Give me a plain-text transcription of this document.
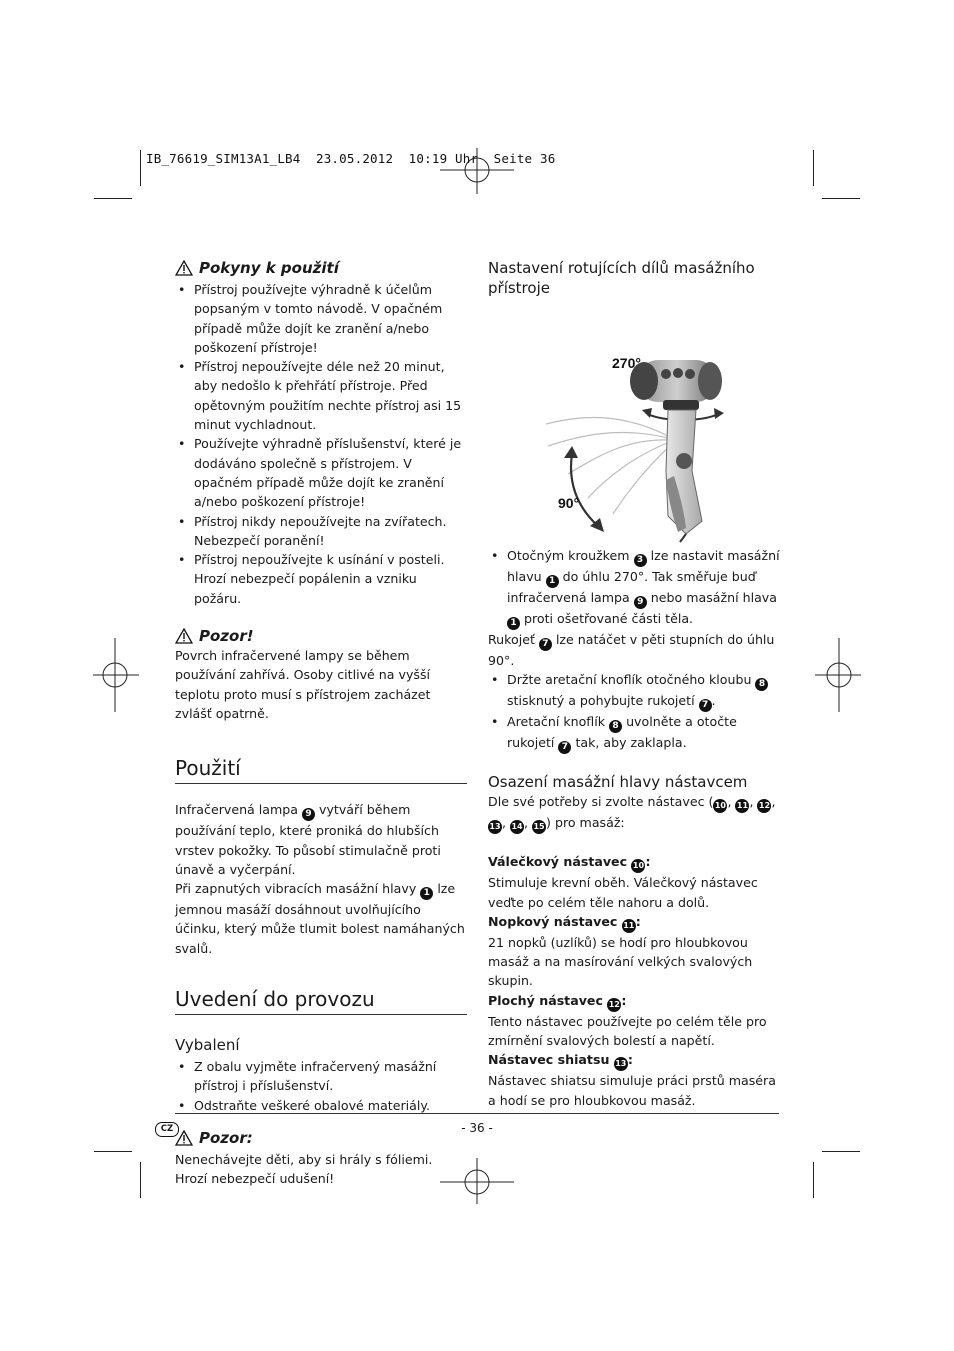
IB_76619_SIM13A1_LB4  23.05.2012  10:19 Uhr  Seite 36
Pokyny k použití
• Přístroj používejte výhradně k účelům popsaným v tomto návodě. V opačném případě může dojít ke zranění a/nebo poškození přístroje!
• Přístroj nepoužívejte déle než 20 minut, aby nedošlo k přehřátí přístroje. Před opětovným použitím nechte přístroj asi 15 minut vychladnout.
• Používejte výhradně příslušenství, které je dodáváno společně s přístrojem. V opačném případě může dojít ke zranění a/nebo poškození přístroje!
• Přístroj nikdy nepoužívejte na zvířatech. Nebezpečí poranění!
• Přístroj nepoužívejte k usínání v posteli. Hrozí nebezpečí popálenin a vzniku požáru.
Pozor!

Povrch infračervené lampy se během používání zahřívá. Osoby citlivé na vyšší teplotu proto musí s přístrojem zacházet zvlášť opatrně.

Použití

Infračervená lampa 9 vytváří během používání teplo, které proniká do hlubších vrstev pokožky. To působí stimulačně proti únavě a vyčerpání.

Při zapnutých vibracích masážní hlavy 1 lze jemnou masáží dosáhnout uvolňujícího účinku, který může tlumit bolest namáhaných svalů.

Uvedení do provozu
Vybalení
• Z obalu vyjměte infračervený masážní přístroj i příslušenství.
• Odstraňte veškeré obalové materiály.
Pozor:

Nenechávejte děti, aby si hrály s fóliemi. Hrozí nebezpečí udušení!

Nastavení rotujících dílů masážního přístroje
270°
90°
• Otočným kroužkem 3 lze nastavit masážní hlavu 1 do úhlu 270°. Tak směřuje buď infračervená lampa 9 nebo masážní hlava 1 proti ošetřované části těla.

Rukojeť 7 lze natáčet v pěti stupních do úhlu 90°.

• Držte aretační knoflík otočného kloubu 8 stisknutý a pohybujte rukojetí 7 .
• Aretační knoflík 8 uvolněte a otočte rukojetí 7 tak, aby zaklapla.
Osazení masážní hlavy nástavcem

Dle své potřeby si zvolte nástavec (10, 11, 12, 13, 14, 15) pro masáž:

Válečkový nástavec 10:

Stimuluje krevní oběh. Válečkový nástavec veďte po celém těle nahoru a dolů.

Nopkový nástavec 11:

21 nopků (uzlíků) se hodí pro hloubkovou masáž a na masírování velkých svalových skupin.

Plochý nástavec 12:

Tento nástavec používejte po celém těle pro zmírnění svalových bolestí a napětí.

Nástavec shiatsu 13:

Nástavec shiatsu simuluje práci prstů maséra a hodí se pro hloubkovou masáž.

CZ	- 36 -
